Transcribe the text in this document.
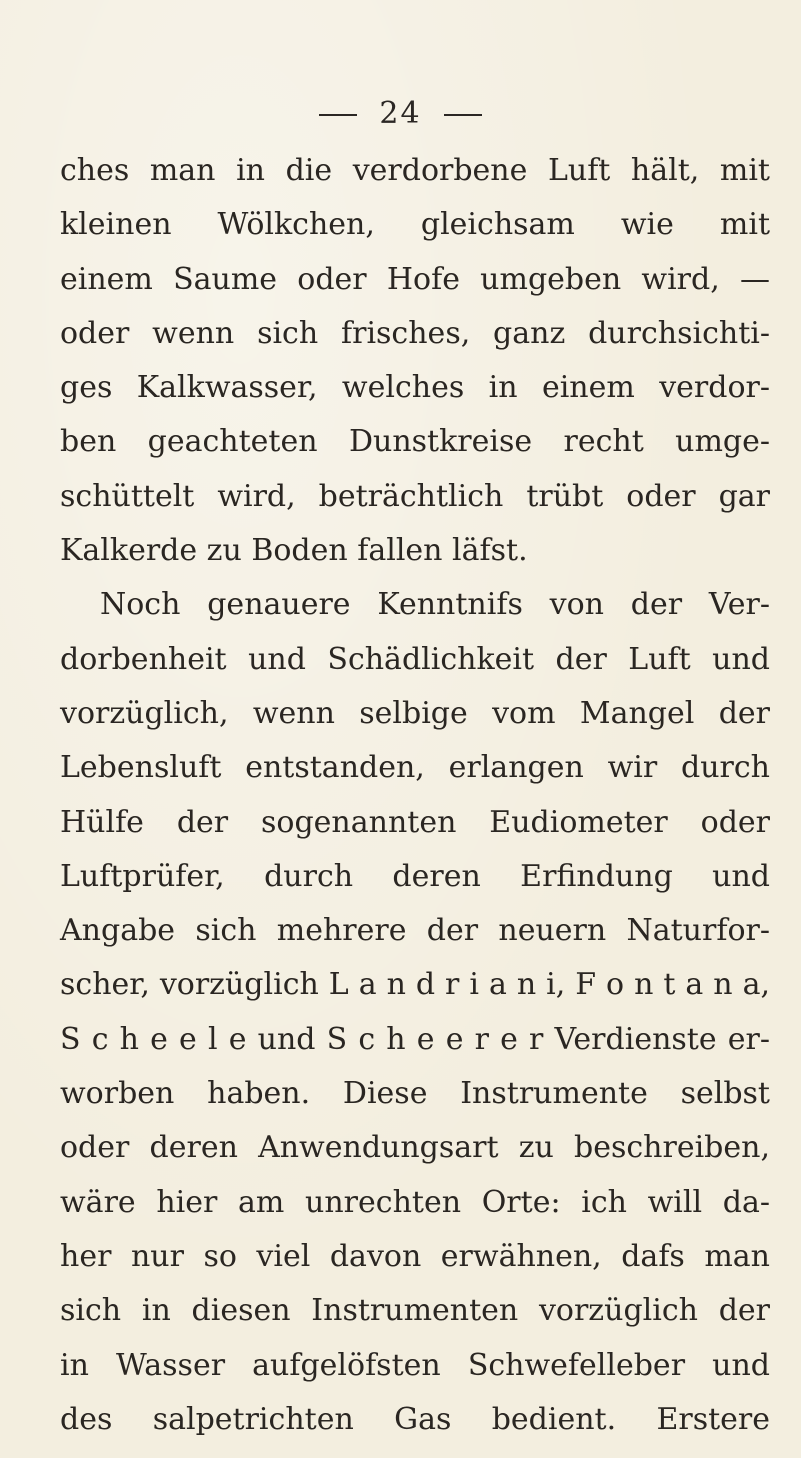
24
ches man in die verdorbene Luft hält, mit
kleinen Wölkchen, gleichsam wie mit
einem Saume oder Hofe umgeben wird, —
oder wenn sich frisches, ganz durchsichti-
ges Kalkwasser, welches in einem verdor-
ben geachteten Dunstkreise recht umge-
schüttelt wird, beträchtlich trübt oder gar
Kalkerde zu Boden fallen läfst.
Noch genauere Kenntnifs von der Ver-
dorbenheit und Schädlichkeit der Luft und
vorzüglich, wenn selbige vom Mangel der
Lebensluft entstanden, erlangen wir durch
Hülfe der sogenannten Eudiometer oder
Luftprüfer, durch deren Erfindung und
Angabe sich mehrere der neuern Naturfor-
scher, vorzüglich L a n d r i a n i, F o n t a n a,
S c h e e l e und S c h e e r e r Verdienste er-
worben haben. Diese Instrumente selbst
oder deren Anwendungsart zu beschreiben,
wäre hier am unrechten Orte: ich will da-
her nur so viel davon erwähnen, dafs man
sich in diesen Instrumenten vorzüglich der
in Wasser aufgelöfsten Schwefelleber und
des salpetrichten Gas bedient. Erstere
